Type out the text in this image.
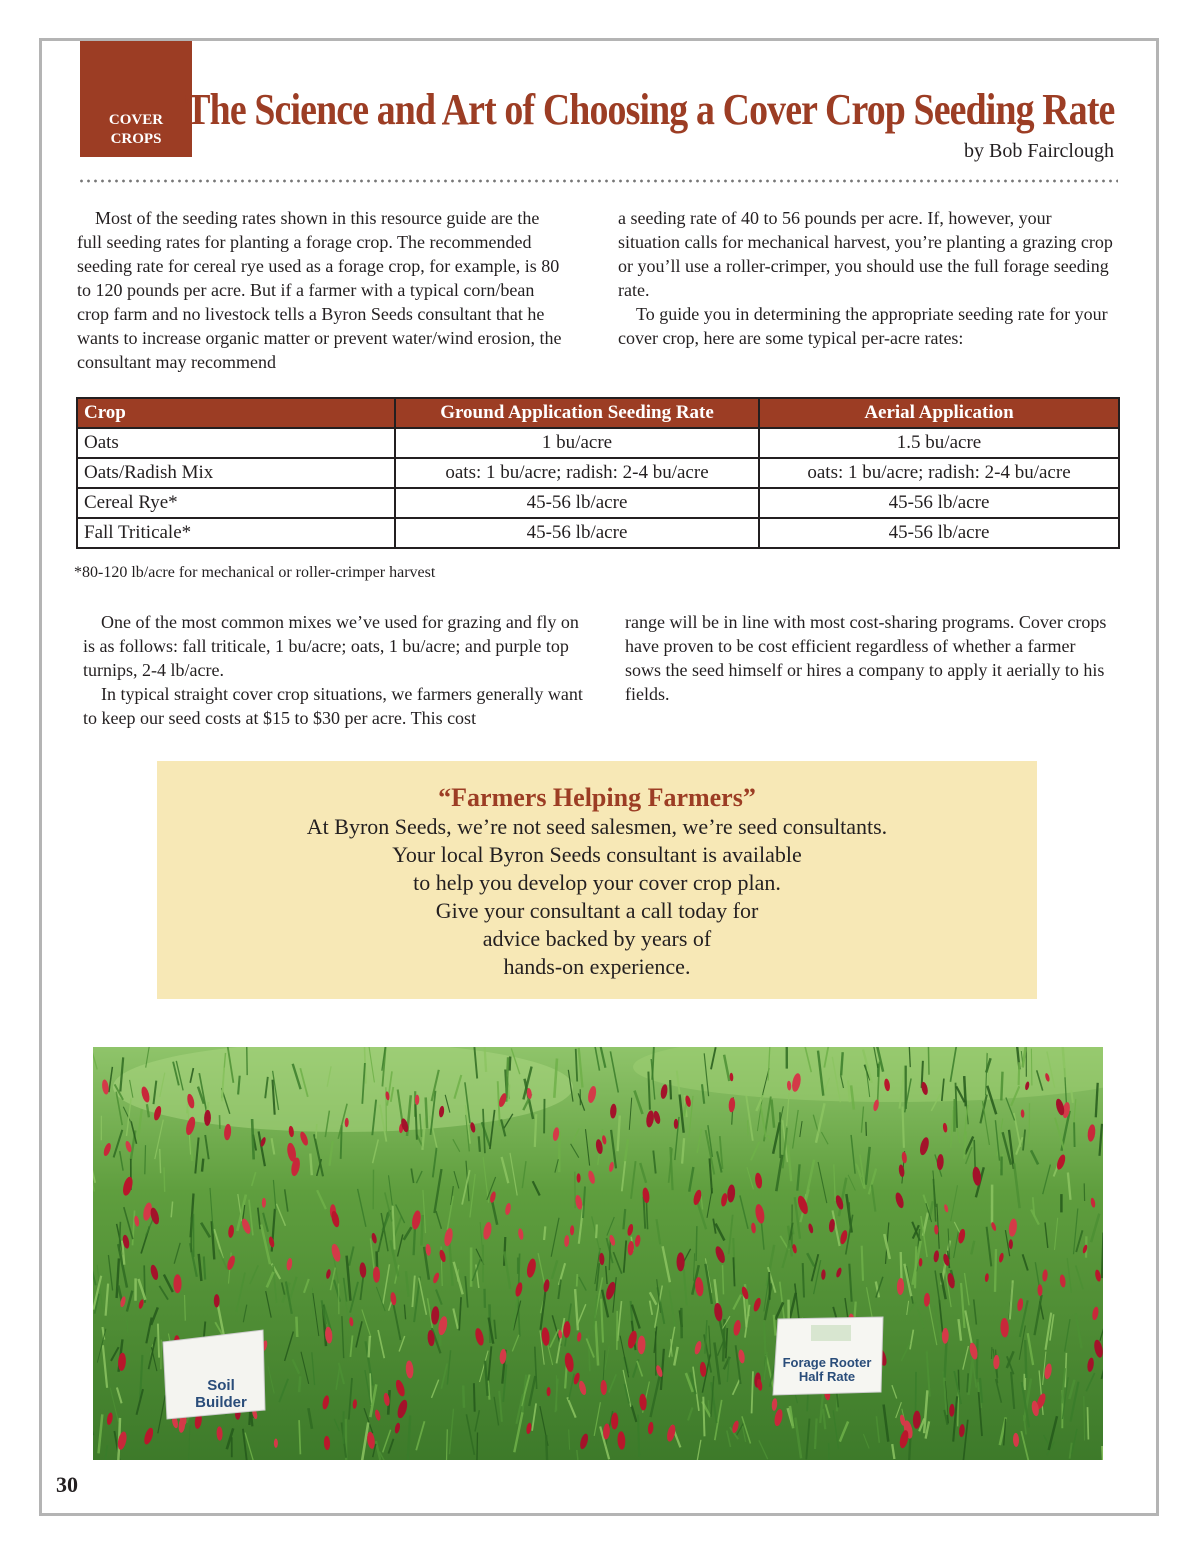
COVER
CROPS
The Science and Art of Choosing a Cover Crop Seeding Rate
by Bob Fairclough

Most of the seeding rates shown in this resource guide are the full seeding rates for planting a forage crop. The recommended seeding rate for cereal rye used as a forage crop, for example, is 80 to 120 pounds per acre. But if a farmer with a typical corn/bean crop farm and no livestock tells a Byron Seeds consultant that he wants to increase organic matter or prevent water/wind erosion, the consultant may recommend

a seeding rate of 40 to 56 pounds per acre. If, however, your situation calls for mechanical harvest, you’re planting a grazing crop or you’ll use a roller-crimper, you should use the full forage seeding rate.

To guide you in determining the appropriate seeding rate for your cover crop, here are some typical per-acre rates:

Crop	Ground Application Seeding Rate	Aerial Application
Oats	1 bu/acre	1.5 bu/acre
Oats/Radish Mix	oats: 1 bu/acre; radish: 2-4 bu/acre	oats: 1 bu/acre; radish: 2-4 bu/acre
Cereal Rye*	45-56 lb/acre	45-56 lb/acre
Fall Triticale*	45-56 lb/acre	45-56 lb/acre
*80-120 lb/acre for mechanical or roller-crimper harvest

One of the most common mixes we’ve used for grazing and fly on is as follows: fall triticale, 1 bu/acre; oats, 1 bu/acre; and purple top turnips, 2-4 lb/acre.

In typical straight cover crop situations, we farmers generally want to keep our seed costs at $15 to $30 per acre. This cost

range will be in line with most cost-sharing programs. Cover crops have proven to be cost efficient regardless of whether a farmer sows the seed himself or hires a company to apply it aerially to his fields.

“Farmers Helping Farmers”
At Byron Seeds, we’re not seed salesmen, we’re seed consultants.
Your local Byron Seeds consultant is available
to help you develop your cover crop plan.
Give your consultant a call today for
advice backed by years of
hands-on experience.
Soil
Builder
Forage Rooter
Half Rate
30
